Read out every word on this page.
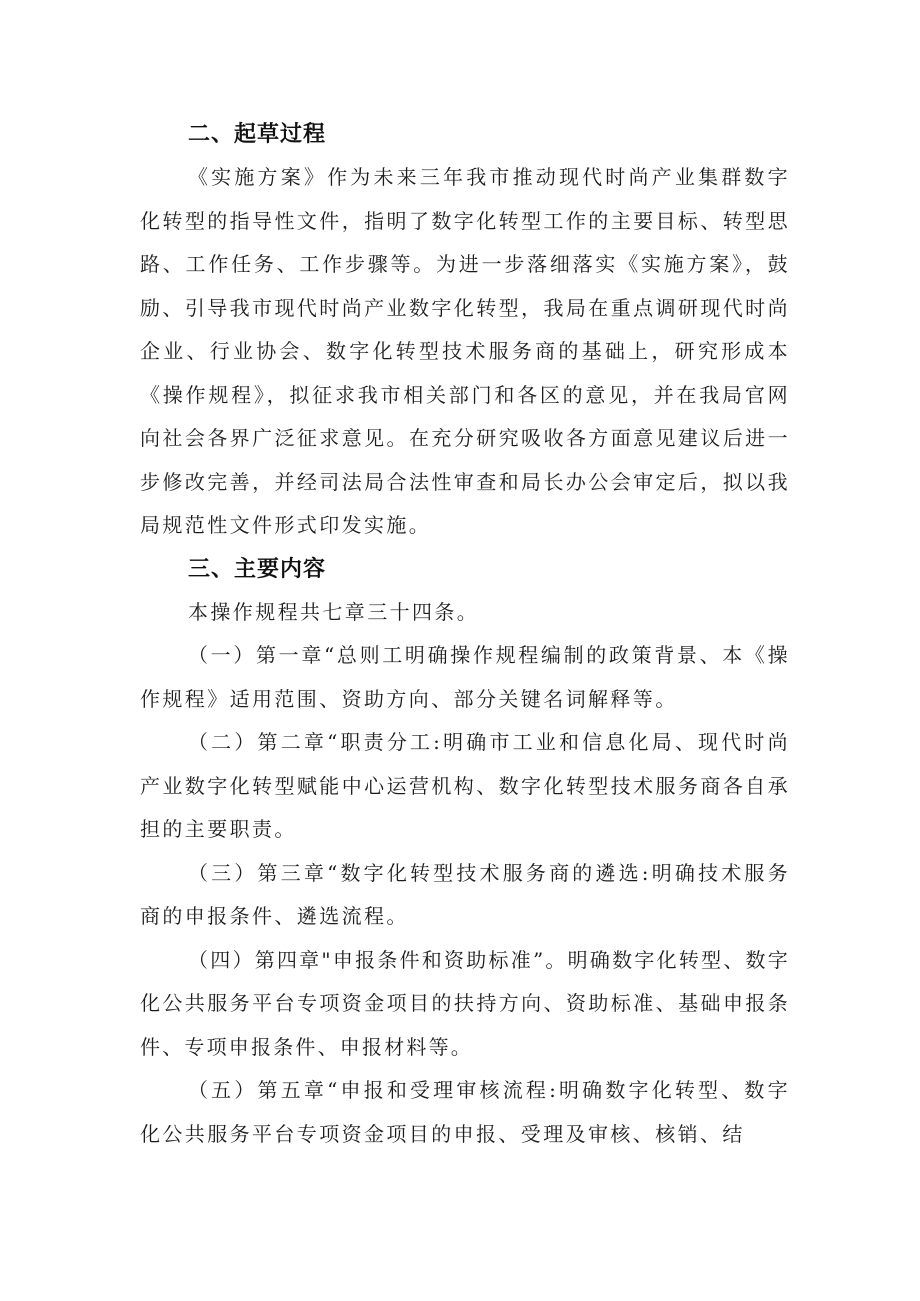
二、起草过程

《实施方案》作为未来三年我市推动现代时尚产业集群数字化转型的指导性文件，指明了数字化转型工作的主要目标、转型思路、工作任务、工作步骤等。为进一步落细落实《实施方案》，鼓励、引导我市现代时尚产业数字化转型，我局在重点调研现代时尚企业、行业协会、数字化转型技术服务商的基础上，研究形成本《操作规程》，拟征求我市相关部门和各区的意见，并在我局官网向社会各界广泛征求意见。在充分研究吸收各方面意见建议后进一步修改完善，并经司法局合法性审查和局长办公会审定后，拟以我局规范性文件形式印发实施。

三、主要内容

本操作规程共七章三十四条。

（一）第一章“总则工明确操作规程编制的政策背景、本《操作规程》适用范围、资助方向、部分关键名词解释等。

（二）第二章“职责分工:明确市工业和信息化局、现代时尚产业数字化转型赋能中心运营机构、数字化转型技术服务商各自承担的主要职责。

（三）第三章“数字化转型技术服务商的遴选:明确技术服务商的申报条件、遴选流程。

（四）第四章"申报条件和资助标准”。明确数字化转型、数字化公共服务平台专项资金项目的扶持方向、资助标准、基础申报条件、专项申报条件、申报材料等。

（五）第五章“申报和受理审核流程:明确数字化转型、数字化公共服务平台专项资金项目的申报、受理及审核、核销、结
